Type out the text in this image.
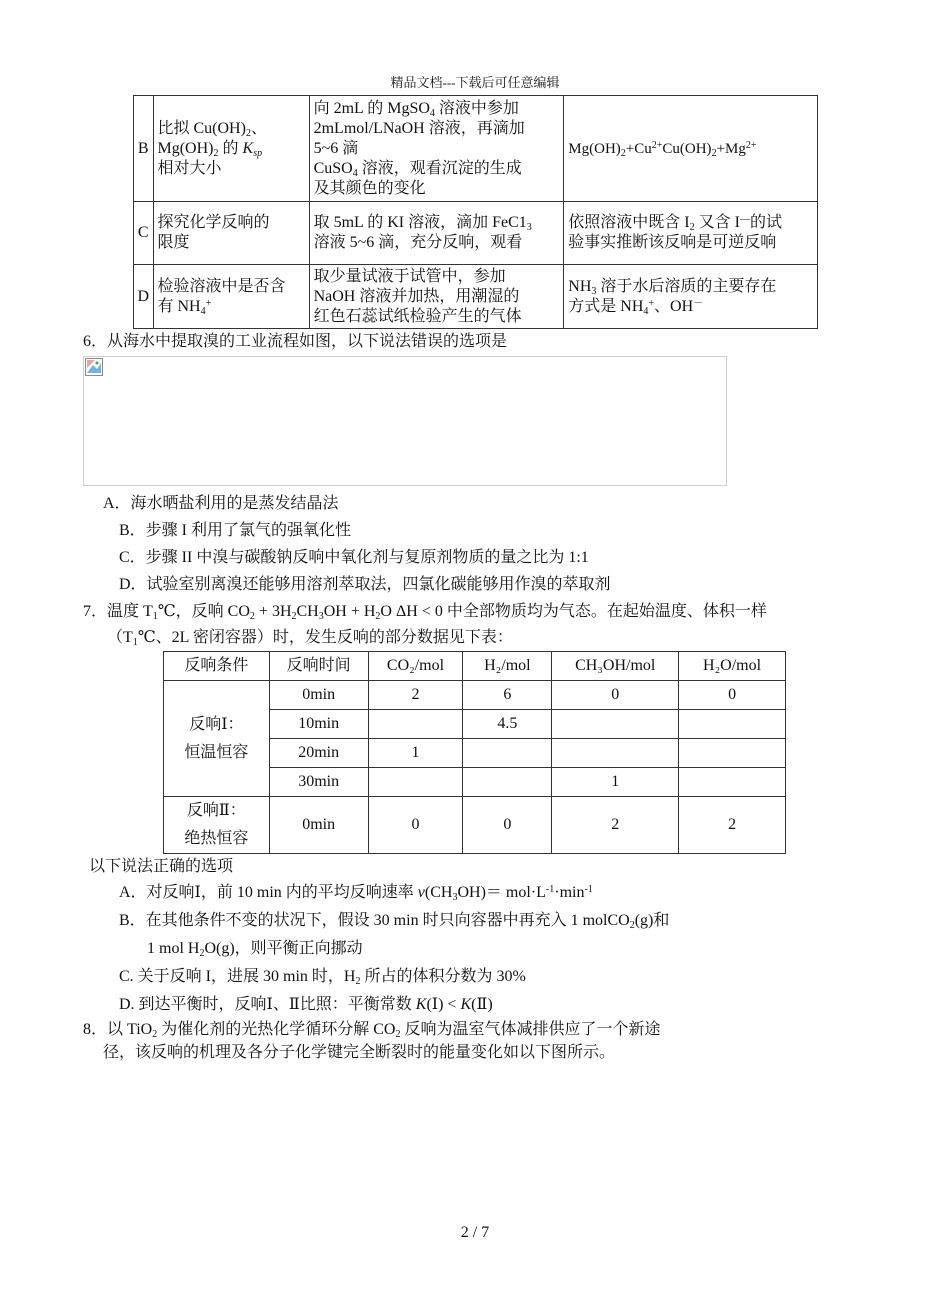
精品文档---下载后可任意编辑
B	比拟 $Cu(OH)_2$、
$Mg(OH)_2$ 的 $K_{sp}$
相对大小	向 2mL 的 MgSO$_4$ 溶液中参加
2mLmol/LNaOH 溶液，再滴加
5~6 滴
CuSO$_4$ 溶液，观看沉淀的生成
及其颜色的变化	$Mg(OH)_2+Cu^{2+}Cu(OH)_2+Mg^{2+}$
C	探究化学反响的
限度	取 5mL 的 KI 溶液，滴加 $FeC1_3$
溶液 5~6 滴，充分反响，观看	依照溶液中既含 $I_2$ 又含 I—的试
验事实推断该反响是可逆反响
D	检验溶液中是否含
有 $NH_4^+$	取少量试液于试管中，参加
NaOH 溶液并加热，用潮湿的
红色石蕊试纸检验产生的气体	$NH_3$ 溶于水后溶质的主要存在
方式是 $NH_4^+$、OH－
6．从海水中提取溴的工业流程如图，以下说法错误的选项是
A．海水晒盐利用的是蒸发结晶法
B．步骤 I 利用了氯气的强氧化性
C．步骤 II 中溴与碳酸钠反响中氧化剂与复原剂物质的量之比为 1:1
D．试验室别离溴还能够用溶剂萃取法，四氯化碳能够用作溴的萃取剂
7．温度 $T_1℃$，反响 $CO_2 + 3H_2CH_3OH + H_2O$ ΔH < 0 中全部物质均为气态。在起始温度、体积一样
（$T_1℃$、2L 密闭容器）时，发生反响的部分数据见下表：
反响条件	反响时间	CO₂/mol	H₂/mol	CH₃OH/mol	H₂O/mol
反响Ⅰ：
恒温恒容	0min	2	6	0	0
	10min		4.5		
	20min	1			
	30min			1	
反响Ⅱ：
绝热恒容	0min	0	0	2	2
以下说法正确的选项
A．对反响Ⅰ，前 10 min 内的平均反响速率 $v(CH_3OH)= mol\cdot L^{-1}\cdot\min^{-1}$
B．在其他条件不变的状况下，假设 30 min 时只向容器中再充入 1 molCO$_2$(g)和
1 mol $H_2O(g)$，则平衡正向挪动
C. 关于反响 I，进展 30 min 时，$H_2$ 所占的体积分数为 30%
D. 到达平衡时，反响Ⅰ、Ⅱ比照：平衡常数 K(Ⅰ) < K(Ⅱ)
8．以 TiO$_2$ 为催化剂的光热化学循环分解 $CO_2$ 反响为温室气体减排供应了一个新途
径，该反响的机理及各分子化学键完全断裂时的能量变化如以下图所示。
2 / 7
